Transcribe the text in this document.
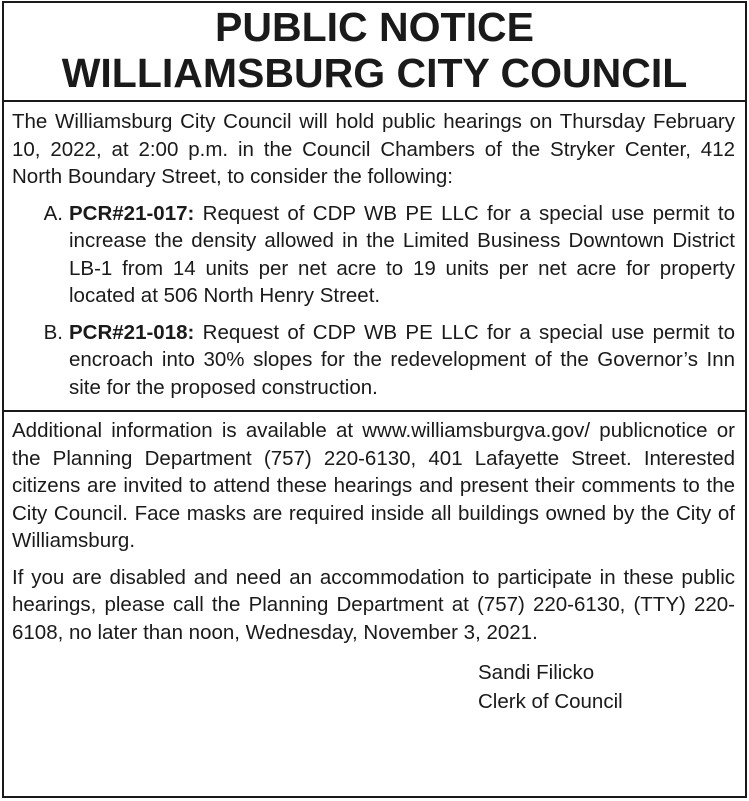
PUBLIC NOTICE
WILLIAMSBURG CITY COUNCIL

The Williamsburg City Council will hold public hearings on Thursday February 10, 2022, at 2:00 p.m. in the Council Chambers of the Stryker Center, 412 North Boundary Street, to consider the following:

A. PCR#21-017: Request of CDP WB PE LLC for a special use permit to increase the density allowed in the Limited Business Downtown District LB-1 from 14 units per net acre to 19 units per net acre for property located at 506 North Henry Street.
B. PCR#21-018: Request of CDP WB PE LLC for a special use permit to encroach into 30% slopes for the redevelopment of the Governor’s Inn site for the proposed construction.

Additional information is available at www.williamsburgva.gov/ publicnotice or the Planning Department (757) 220-6130, 401 Lafayette Street. Interested citizens are invited to attend these hearings and present their comments to the City Council. Face masks are required inside all buildings owned by the City of Williamsburg.

If you are disabled and need an accommodation to participate in these public hearings, please call the Planning Department at (757) 220-6130, (TTY) 220-6108, no later than noon, Wednesday, November 3, 2021.

Sandi Filicko
Clerk of Council
